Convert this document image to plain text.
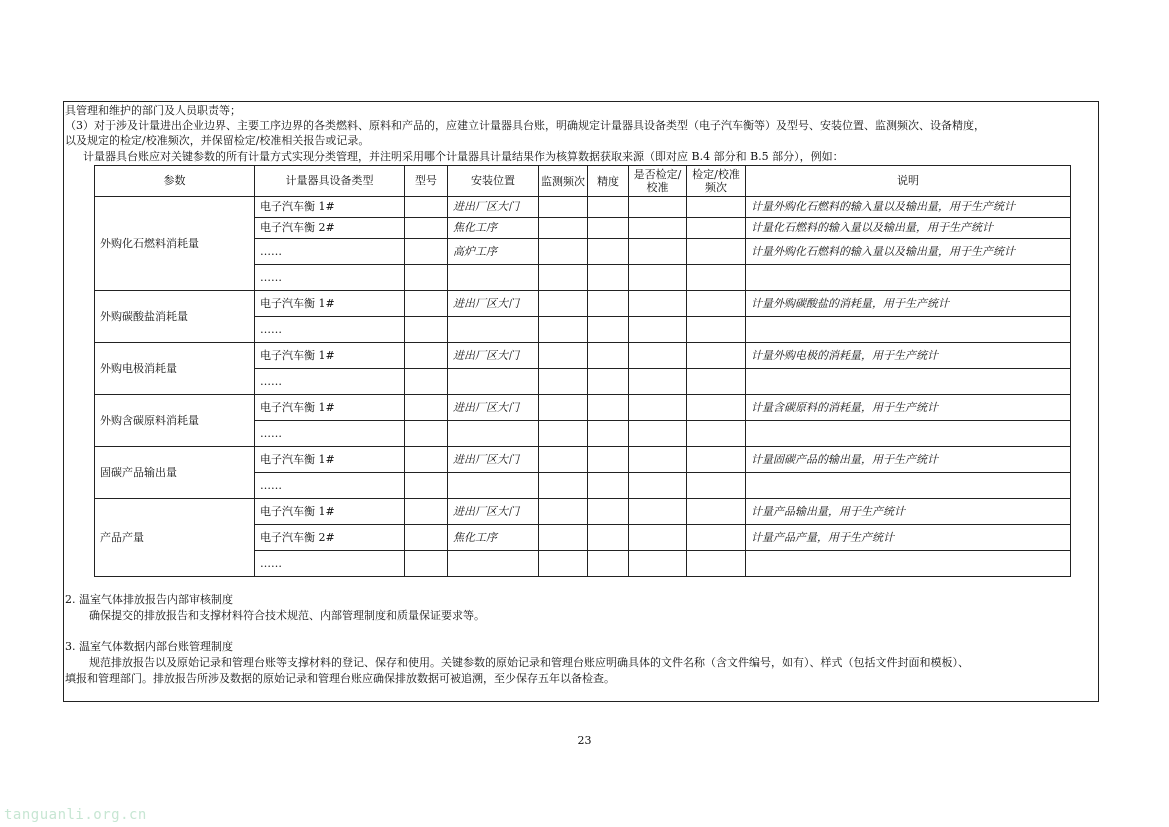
具管理和维护的部门及人员职责等；
（3）对于涉及计量进出企业边界、主要工序边界的各类燃料、原料和产品的，应建立计量器具台账，明确规定计量器具设备类型（电子汽车衡等）及型号、安装位置、监测频次、设备精度，
以及规定的检定/校准频次，并保留检定/校准相关报告或记录。
计量器具台账应对关键参数的所有计量方式实现分类管理，并注明采用哪个计量器具计量结果作为核算数据获取来源（即对应 B.4 部分和 B.5 部分），例如：
参数	计量器具设备类型	型号	安装位置	监测频次	精度	是否检定/校准	检定/校准频次	说明
外购化石燃料消耗量	电子汽车衡 1#		进出厂区大门					计量外购化石燃料的输入量以及输出量，用于生产统计
	电子汽车衡 2#		焦化工序					计量化石燃料的输入量以及输出量，用于生产统计
	……		高炉工序					计量外购化石燃料的输入量以及输出量，用于生产统计
	……							
外购碳酸盐消耗量	电子汽车衡 1#		进出厂区大门					计量外购碳酸盐的消耗量，用于生产统计
	……							
外购电极消耗量	电子汽车衡 1#		进出厂区大门					计量外购电极的消耗量，用于生产统计
	……							
外购含碳原料消耗量	电子汽车衡 1#		进出厂区大门					计量含碳原料的消耗量，用于生产统计
	……							
固碳产品输出量	电子汽车衡 1#		进出厂区大门					计量固碳产品的输出量，用于生产统计
	……							
产品产量	电子汽车衡 1#		进出厂区大门					计量产品输出量，用于生产统计
	电子汽车衡 2#		焦化工序					计量产品产量，用于生产统计
	……							
2. 温室气体排放报告内部审核制度
确保提交的排放报告和支撑材料符合技术规范、内部管理制度和质量保证要求等。
3. 温室气体数据内部台账管理制度
规范排放报告以及原始记录和管理台账等支撑材料的登记、保存和使用。关键参数的原始记录和管理台账应明确具体的文件名称（含文件编号，如有）、样式（包括文件封面和模板）、
填报和管理部门。排放报告所涉及数据的原始记录和管理台账应确保排放数据可被追溯，至少保存五年以备检查。
23
tanguanli.org.cn
